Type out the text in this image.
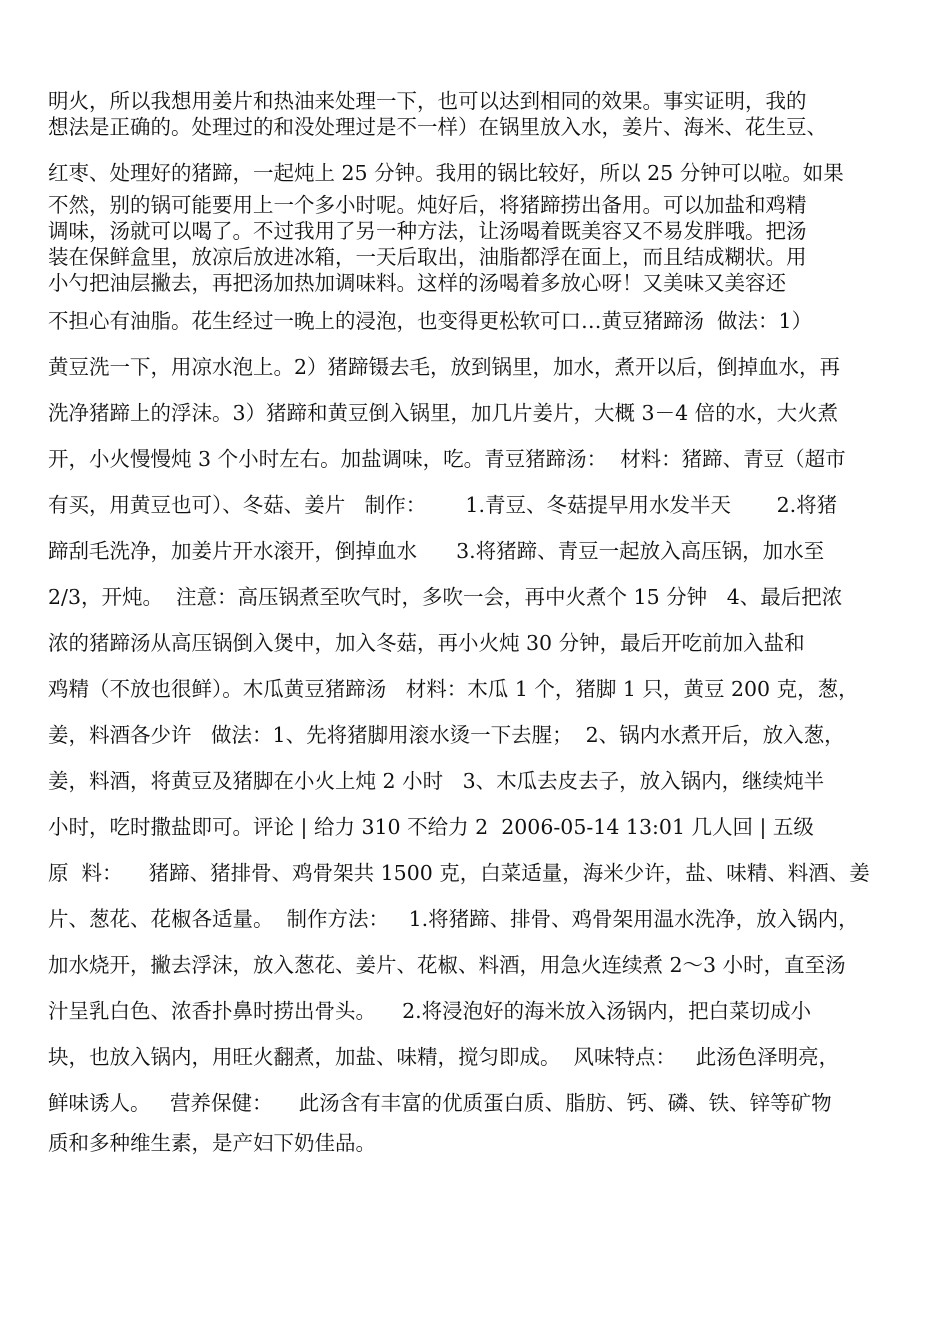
明火，所以我想用姜片和热油来处理一下，也可以达到相同的效果。事实证明，我的
想法是正确的。处理过的和没处理过是不一样）在锅里放入水，姜片、海米、花生豆、
红枣、处理好的猪蹄，一起炖上 25 分钟。我用的锅比较好，所以 25 分钟可以啦。如果
不然，别的锅可能要用上一个多小时呢。炖好后，将猪蹄捞出备用。可以加盐和鸡精
调味，汤就可以喝了。不过我用了另一种方法，让汤喝着既美容又不易发胖哦。把汤
装在保鲜盒里，放凉后放进冰箱，一天后取出，油脂都浮在面上，而且结成糊状。用
小勺把油层撇去，再把汤加热加调味料。这样的汤喝着多放心呀！又美味又美容还
不担心有油脂。花生经过一晚上的浸泡，也变得更松软可口…黄豆猪蹄汤  做法：1）
黄豆洗一下，用凉水泡上。2）猪蹄镊去毛，放到锅里，加水，煮开以后，倒掉血水，再
洗净猪蹄上的浮沫。3）猪蹄和黄豆倒入锅里，加几片姜片，大概 3－4 倍的水，大火煮
开，小火慢慢炖 3 个小时左右。加盐调味，吃。青豆猪蹄汤：  材料：猪蹄、青豆（超市
有买，用黄豆也可）、冬菇、姜片   制作：      1.青豆、冬菇提早用水发半天       2.将猪
蹄刮毛洗净，加姜片开水滚开，倒掉血水      3.将猪蹄、青豆一起放入高压锅，加水至
2/3，开炖。  注意：高压锅煮至吹气时，多吹一会，再中火煮个 15 分钟   4、最后把浓
浓的猪蹄汤从高压锅倒入煲中，加入冬菇，再小火炖 30 分钟，最后开吃前加入盐和
鸡精（不放也很鲜）。木瓜黄豆猪蹄汤   材料：木瓜 1 个，猪脚 1 只，黄豆 200 克，葱，
姜，料酒各少许   做法：1、先将猪脚用滚水烫一下去腥；  2、锅内水煮开后，放入葱，
姜，料酒，将黄豆及猪脚在小火上炖 2 小时   3、木瓜去皮去子，放入锅内，继续炖半
小时，吃时撒盐即可。评论 | 给力 310 不给力 2  2006-05-14 13:01 几人回 | 五级
原  料：    猪蹄、猪排骨、鸡骨架共 1500 克，白菜适量，海米少许，盐、味精、料酒、姜
片、葱花、花椒各适量。  制作方法：   1.将猪蹄、排骨、鸡骨架用温水洗净，放入锅内，
加水烧开，撇去浮沫，放入葱花、姜片、花椒、料酒，用急火连续煮 2～3 小时，直至汤
汁呈乳白色、浓香扑鼻时捞出骨头。    2.将浸泡好的海米放入汤锅内，把白菜切成小
块，也放入锅内，用旺火翻煮，加盐、味精，搅匀即成。  风味特点：   此汤色泽明亮，
鲜味诱人。   营养保健：    此汤含有丰富的优质蛋白质、脂肪、钙、磷、铁、锌等矿物
质和多种维生素，是产妇下奶佳品。
